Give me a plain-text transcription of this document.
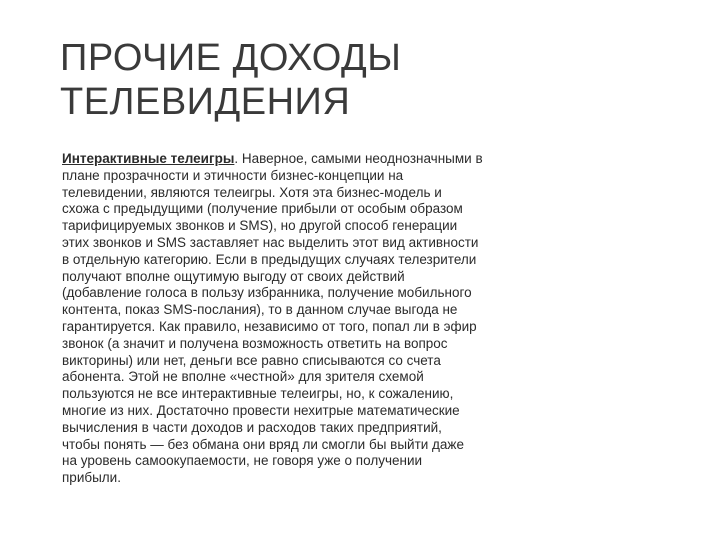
ПРОЧИЕ ДОХОДЫ
ТЕЛЕВИДЕНИЯ
Интерактивные телеигры. Наверное, самыми неоднозначными в
плане прозрачности и этичности бизнес-концепции на
телевидении, являются телеигры. Хотя эта бизнес-модель и
схожа с предыдущими (получение прибыли от особым образом
тарифицируемых звонков и SMS), но другой способ генерации
этих звонков и SMS заставляет нас выделить этот вид активности
в отдельную категорию. Если в предыдущих случаях телезрители
получают вполне ощутимую выгоду от своих действий
(добавление голоса в пользу избранника, получение мобильного
контента, показ SMS-послания), то в данном случае выгода не
гарантируется. Как правило, независимо от того, попал ли в эфир
звонок (а значит и получена возможность ответить на вопрос
викторины) или нет, деньги все равно списываются со счета
абонента. Этой не вполне «честной» для зрителя схемой
пользуются не все интерактивные телеигры, но, к сожалению,
многие из них. Достаточно провести нехитрые математические
вычисления в части доходов и расходов таких предприятий,
чтобы понять — без обмана они вряд ли смогли бы выйти даже
на уровень самоокупаемости, не говоря уже о получении
прибыли.
